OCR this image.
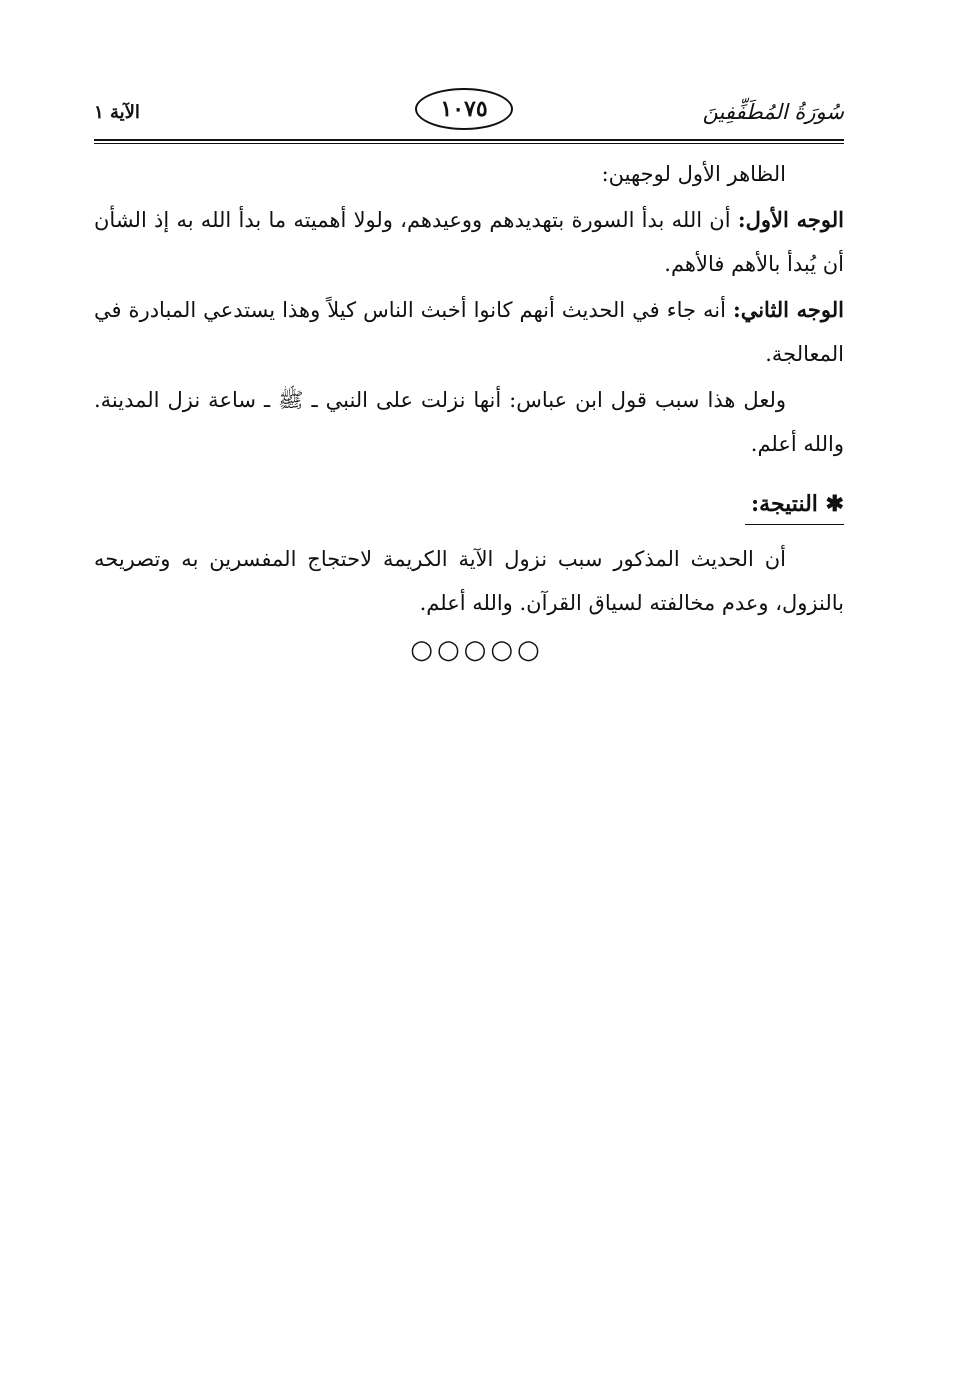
سُورَةُ المُطَفِّفِينَ
١٠٧٥
الآية ١

الظاهر الأول لوجهين:

الوجه الأول: أن الله بدأ السورة بتهديدهم ووعيدهم، ولولا أهميته ما بدأ الله به إذ الشأن أن يُبدأ بالأهم فالأهم.

الوجه الثاني: أنه جاء في الحديث أنهم كانوا أخبث الناس كيلاً وهذا يستدعي المبادرة في المعالجة.

ولعل هذا سبب قول ابن عباس: أنها نزلت على النبي ـ ﷺ ـ ساعة نزل المدينة. والله أعلم.

✱ النتيجة:

أن الحديث المذكور سبب نزول الآية الكريمة لاحتجاج المفسرين به وتصريحه بالنزول، وعدم مخالفته لسياق القرآن. والله أعلم.

○○○○○
